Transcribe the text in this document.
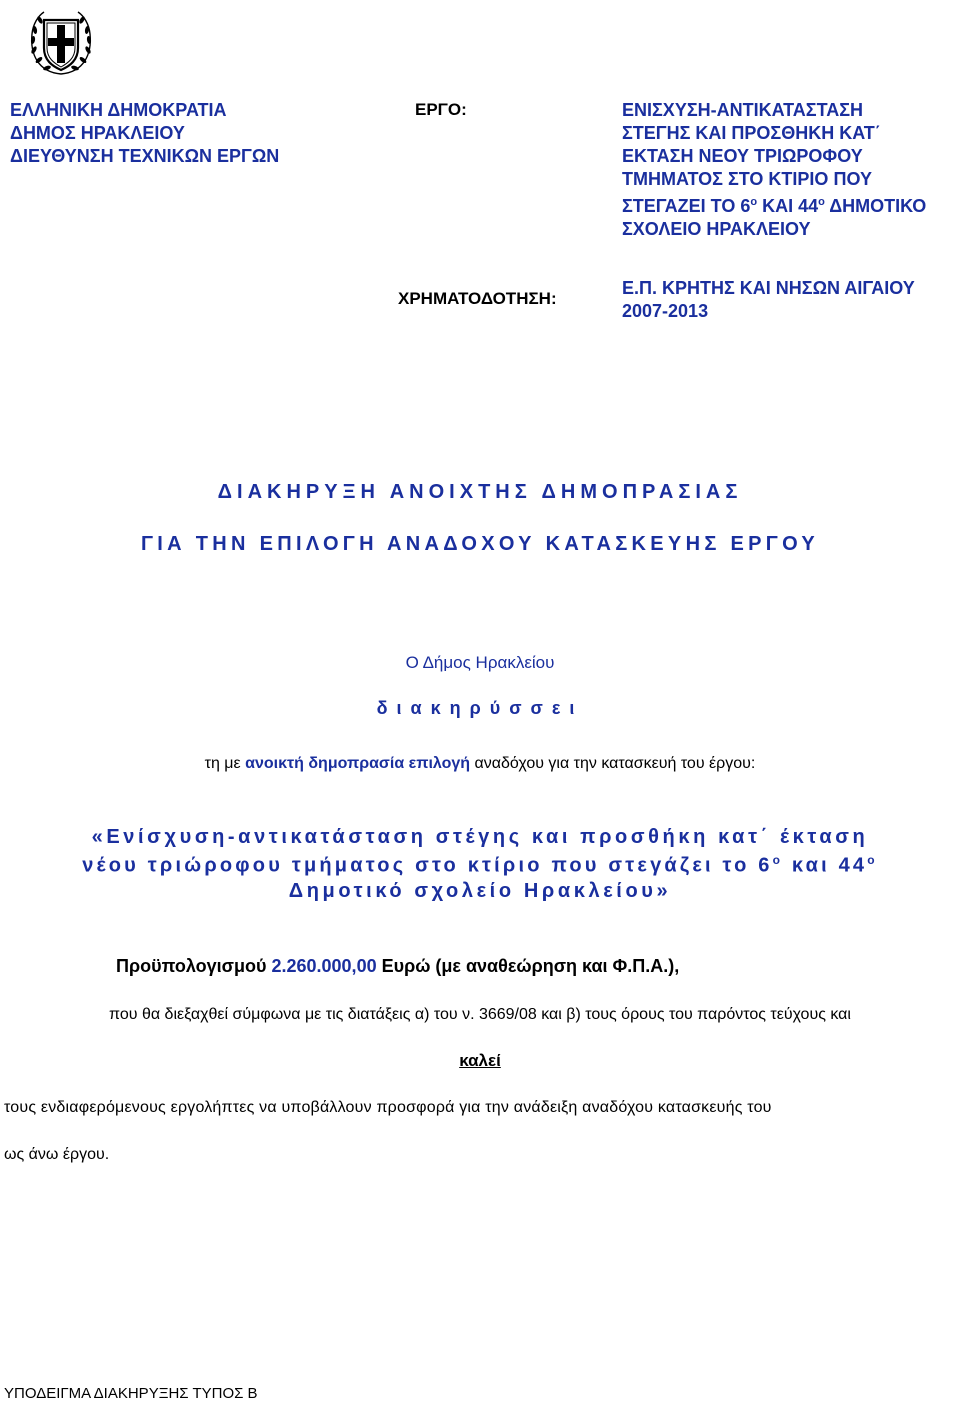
ΕΛΛΗΝΙΚΗ ΔΗΜΟΚΡΑΤΙΑ
ΔΗΜΟΣ ΗΡΑΚΛΕΙΟΥ
ΔΙΕΥΘΥΝΣΗ ΤΕΧΝΙΚΩΝ ΕΡΓΩΝ
ΕΡΓΟ:	ΕΝΙΣΧΥΣΗ-ΑΝΤΙΚΑΤΑΣΤΑΣΗ
ΣΤΕΓΗΣ ΚΑΙ ΠΡΟΣΘΗΚΗ ΚΑΤ΄
ΕΚΤΑΣΗ ΝΕΟΥ ΤΡΙΩΡΟΦΟΥ
ΤΜΗΜΑΤΟΣ ΣΤΟ ΚΤΙΡΙΟ ΠΟΥ
ΣΤΕΓΑΖΕΙ ΤΟ $6^o$ ΚΑΙ $44^o$ ΔΗΜΟΤΙΚΟ
ΣΧΟΛΕΙΟ ΗΡΑΚΛΕΙΟΥ
ΧΡΗΜΑΤΟΔΟΤΗΣΗ:
Ε.Π. ΚΡΗΤΗΣ ΚΑΙ ΝΗΣΩΝ ΑΙΓΑΙΟΥ
2007-2013
ΔΙΑΚΗΡΥΞΗ ΑΝΟΙΧΤΗΣ ΔΗΜΟΠΡΑΣΙΑΣ
ΓΙΑ ΤΗΝ ΕΠΙΛΟΓΗ ΑΝΑΔΟΧΟΥ ΚΑΤΑΣΚΕΥΗΣ ΕΡΓΟΥ
Ο Δήμος Ηρακλείου
διακηρύσσει
τη με ανοικτή δημοπρασία επιλογή αναδόχου για την κατασκευή του έργου:
«Ενίσχυση-αντικατάσταση στέγης και προσθήκη κατ΄ έκταση
νέου τριώροφου τμήματος στο κτίριο που στεγάζει το $6^o$ και $44^o$
Δημοτικό σχολείο Ηρακλείου»
Προϋπολογισμού 2.260.000,00 Ευρώ (με αναθεώρηση και Φ.Π.Α.),
που θα διεξαχθεί σύμφωνα με τις διατάξεις α) του ν. 3669/08 και β) τους όρους του παρόντος τεύχους και
καλεί
τους ενδιαφερόμενους εργολήπτες να υποβάλλουν προσφορά για την ανάδειξη αναδόχου κατασκευής του
ως άνω έργου.
ΥΠΟΔΕΙΓΜΑ ΔΙΑΚΗΡΥΞΗΣ ΤΥΠΟΣ Β
